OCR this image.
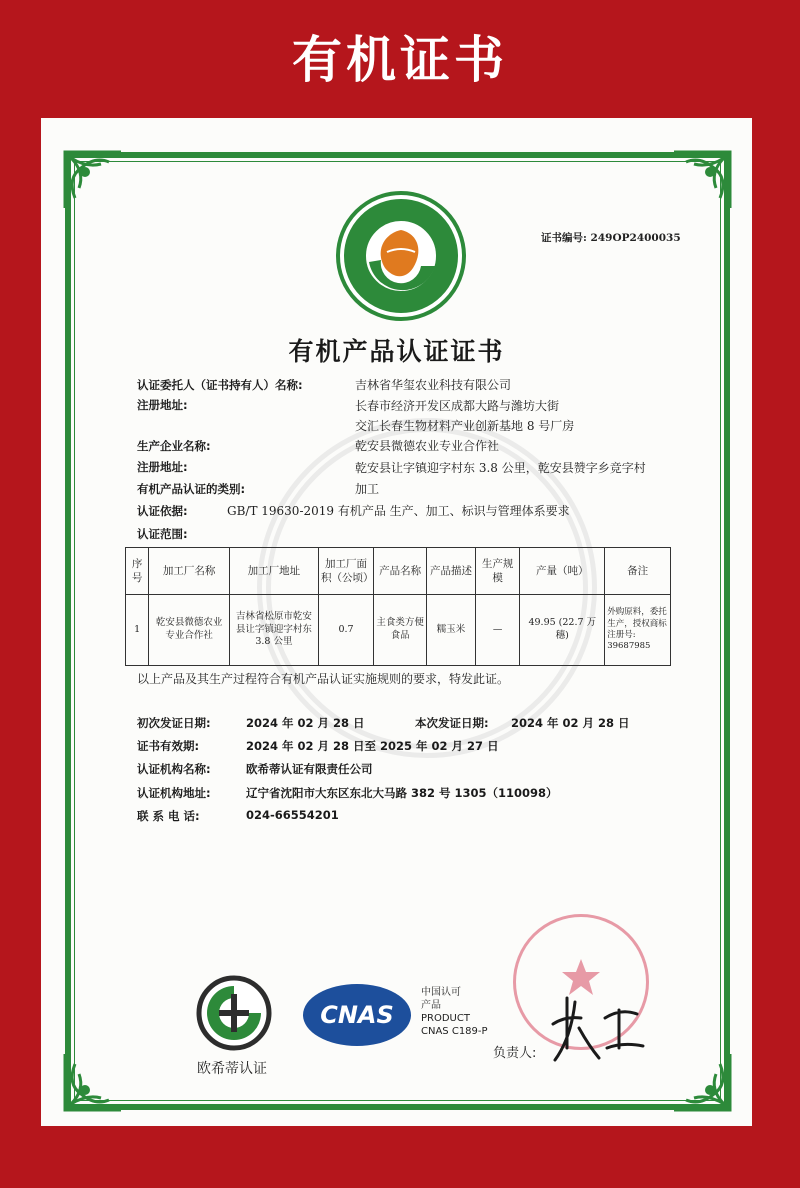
有机证书
证书编号: 249OP2400035
有机产品认证证书
认证委托人（证书持有人）名称:	吉林省华玺农业科技有限公司
注册地址:	长春市经济开发区成都大路与潍坊大街
交汇长春生物材料产业创新基地 8 号厂房
生产企业名称:	乾安县微德农业专业合作社
注册地址:	乾安县让字镇迎字村东 3.8 公里，乾安县赞字乡竞字村
有机产品认证的类别:	加工
认证依据:	GB/T 19630-2019 有机产品 生产、加工、标识与管理体系要求
认证范围:
序号	加工厂名称	加工厂地址	加工厂面积（公顷）	产品名称	产品描述	生产规模	产量（吨）	备注
1	乾安县微德农业专业合作社	吉林省松原市乾安县让字镇迎字村东 3.8 公里	0.7	主食类方便食品	糯玉米	—	49.95 (22.7 万穗)	外购原料，委托生产，授权商标注册号: 39687985
以上产品及其生产过程符合有机产品认证实施规则的要求，特发此证。
初次发证日期:	2024 年 02 月 28 日	本次发证日期: 2024 年 02 月 28 日
证书有效期:	2024 年 02 月 28 日至 2025 年 02 月 27 日
认证机构名称:	欧希蒂认证有限责任公司
认证机构地址:	辽宁省沈阳市大东区东北大马路 382 号 1305（110098）
联 系 电 话:	024-66554201
欧希蒂认证
CNAS
中国认可
产品
PRODUCT
CNAS C189-P
负责人:
